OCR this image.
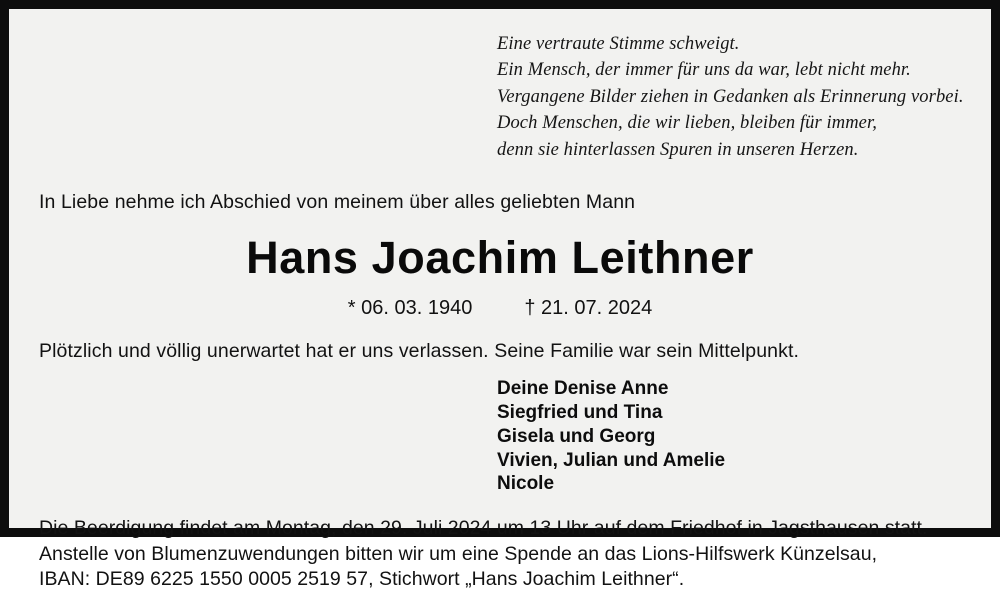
Eine vertraute Stimme schweigt.
Ein Mensch, der immer für uns da war, lebt nicht mehr.
Vergangene Bilder ziehen in Gedanken als Erinnerung vorbei.
Doch Menschen, die wir lieben, bleiben für immer,
denn sie hinterlassen Spuren in unseren Herzen.
In Liebe nehme ich Abschied von meinem über alles geliebten Mann
Hans Joachim Leithner
* 06. 03. 1940	† 21. 07. 2024
Plötzlich und völlig unerwartet hat er uns verlassen. Seine Familie war sein Mittelpunkt.
Deine Denise Anne
Siegfried und Tina
Gisela und Georg
Vivien, Julian und Amelie
Nicole
Die Beerdigung findet am Montag, den 29. Juli 2024 um 13 Uhr auf dem Friedhof in Jagsthausen statt.
Anstelle von Blumenzuwendungen bitten wir um eine Spende an das Lions-Hilfswerk Künzelsau,
IBAN: DE89 6225 1550 0005 2519 57, Stichwort „Hans Joachim Leithner“.
